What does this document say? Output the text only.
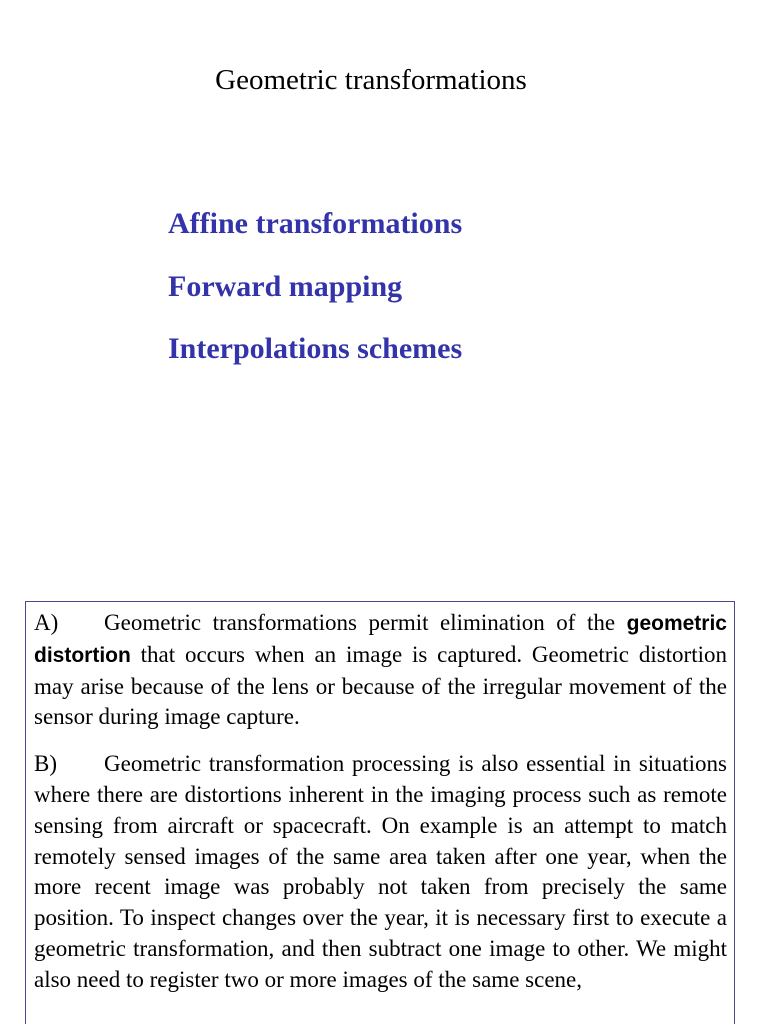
Geometric transformations
Affine transformations
Forward mapping
Interpolations schemes

A) Geometric transformations permit elimination of the geometric distortion that occurs when an image is captured. Geometric distortion may arise because of the lens or because of the irregular movement of the sensor during image capture.

B) Geometric transformation processing is also essential in situations where there are distortions inherent in the imaging process such as remote sensing from aircraft or spacecraft. On example is an attempt to match remotely sensed images of the same area taken after one year, when the more recent image was probably not taken from precisely the same position. To inspect changes over the year, it is necessary first to execute a geometric transformation, and then subtract one image to other. We might also need to register two or more images of the same scene,
